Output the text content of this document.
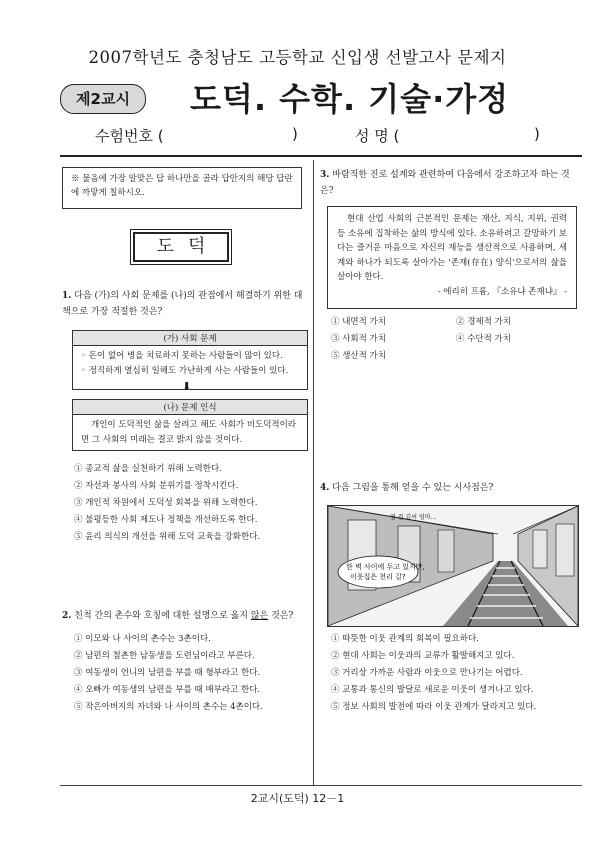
2007학년도 충청남도 고등학교 신입생 선발고사 문제지
제2교시	도덕. 수학. 기술·가정
수험번호 (	)	성 명 (	)
※ 물음에 가장 알맞은 답 하나만을 골라 답안지의 해당 답란에 까맣게 칠하시오.
도덕
1. 다음 (가)의 사회 문제를 (나)의 관점에서 해결하기 위한 대책으로 가장 적절한 것은?
(가) 사회 문제
◦ 돈이 없어 병을 치료하지 못하는 사람들이 많이 있다.
◦ 정직하게 열심히 일해도 가난하게 사는 사람들이 있다.
⬇
(나) 문제 인식
개인이 도덕적인 삶을 살려고 해도 사회가 비도덕적이라면 그 사회의 미래는 결코 밝지 않을 것이다.
① 종교적 삶을 실천하기 위해 노력한다.
② 자선과 봉사의 사회 분위기를 정착시킨다.
③ 개인적 차원에서 도덕성 회복을 위해 노력한다.
④ 불평등한 사회 제도나 정책을 개선하도록 한다.
⑤ 윤리 의식의 개선을 위해 도덕 교육을 강화한다.
2. 친척 간의 촌수와 호칭에 대한 설명으로 옳지 않은 것은?
① 이모와 나 사이의 촌수는 3촌이다.
② 남편의 첨촌한 남동생을 도련님이라고 부른다.
③ 여동생이 언니의 남편을 부를 때 형부라고 한다.
④ 오빠가 여동생의 남편을 부를 때 매부라고 한다.
⑤ 작은아버지의 자녀와 나 사이의 촌수는 4촌이다.
3. 바람직한 진로 설계와 관련하여 다음에서 강조하고자 하는 것은?
현대 산업 사회의 근본적인 문제는 재산, 지식, 지위, 권력 등 소유에 집착하는 삶의 방식에 있다. 소유하려고 갈망하기 보다는 즐거운 마음으로 자신의 재능을 생산적으로 사용하며, 세계와 하나가 되도록 살아가는 '존재(存在) 양식'으로서의 삶을 살아야 한다.
- 에리히 프롬, 『소유냐 존재냐』 -
① 내면적 가치	② 경제적 가치
③ 사회적 가치	④ 수단적 가치
⑤ 생산적 가치
4. 다음 그림을 통해 얻을 수 있는 시사점은?
한 벽 사이에 두고 있지만,
이웃집은 천리 길?
옆 집 김씨 엄마…
① 따뜻한 이웃 관계의 회복이 필요하다.
② 현대 사회는 이웃과의 교류가 활발해지고 있다.
③ 거리상 가까운 사람과 이웃으로 만나기는 어렵다.
④ 교통과 통신의 발달로 새로운 이웃이 생겨나고 있다.
⑤ 정보 사회의 발전에 따라 이웃 관계가 달라지고 있다.
2교시(도덕) 12－1
